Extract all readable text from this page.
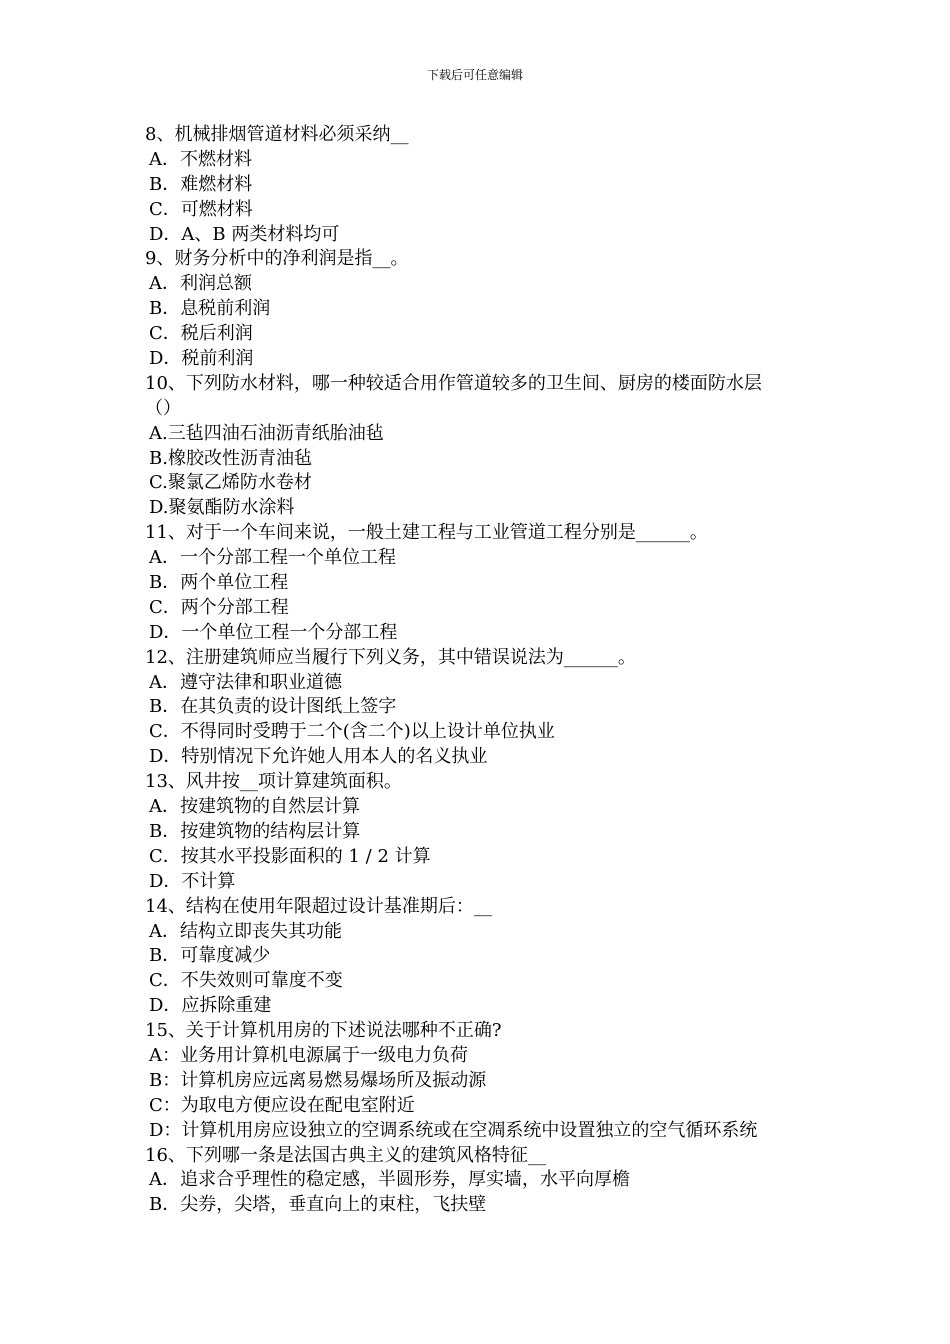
下载后可任意编辑
8、机械排烟管道材料必须采纳__
A．不燃材料
B．难燃材料
C．可燃材料
D．A、B 两类材料均可
9、财务分析中的净利润是指__。
A．利润总额
B．息税前利润
C．税后利润
D．税前利润
10、下列防水材料，哪一种较适合用作管道较多的卫生间、厨房的楼面防水层
（）
A.三毡四油石油沥青纸胎油毡
B.橡胶改性沥青油毡
C.聚氯乙烯防水卷材
D.聚氨酯防水涂料
11、对于一个车间来说，一般土建工程与工业管道工程分别是______。
A．一个分部工程一个单位工程
B．两个单位工程
C．两个分部工程
D．一个单位工程一个分部工程
12、注册建筑师应当履行下列义务，其中错误说法为______。
A．遵守法律和职业道德
B．在其负责的设计图纸上签字
C．不得同时受聘于二个(含二个)以上设计单位执业
D．特别情况下允许她人用本人的名义执业
13、风井按__项计算建筑面积。
A．按建筑物的自然层计算
B．按建筑物的结构层计算
C．按其水平投影面积的 1 / 2 计算
D．不计算
14、结构在使用年限超过设计基准期后：__
A．结构立即丧失其功能
B．可靠度减少
C．不失效则可靠度不变
D．应拆除重建
15、关于计算机用房的下述说法哪种不正确?
A：业务用计算机电源属于一级电力负荷
B：计算机房应远离易燃易爆场所及振动源
C：为取电方便应设在配电室附近
D：计算机用房应设独立的空调系统或在空凋系统中设置独立的空气循环系统
16、下列哪一条是法国古典主义的建筑风格特征__
A．追求合乎理性的稳定感，半圆形券，厚实墙，水平向厚檐
B．尖券，尖塔，垂直向上的束柱，飞扶壁
